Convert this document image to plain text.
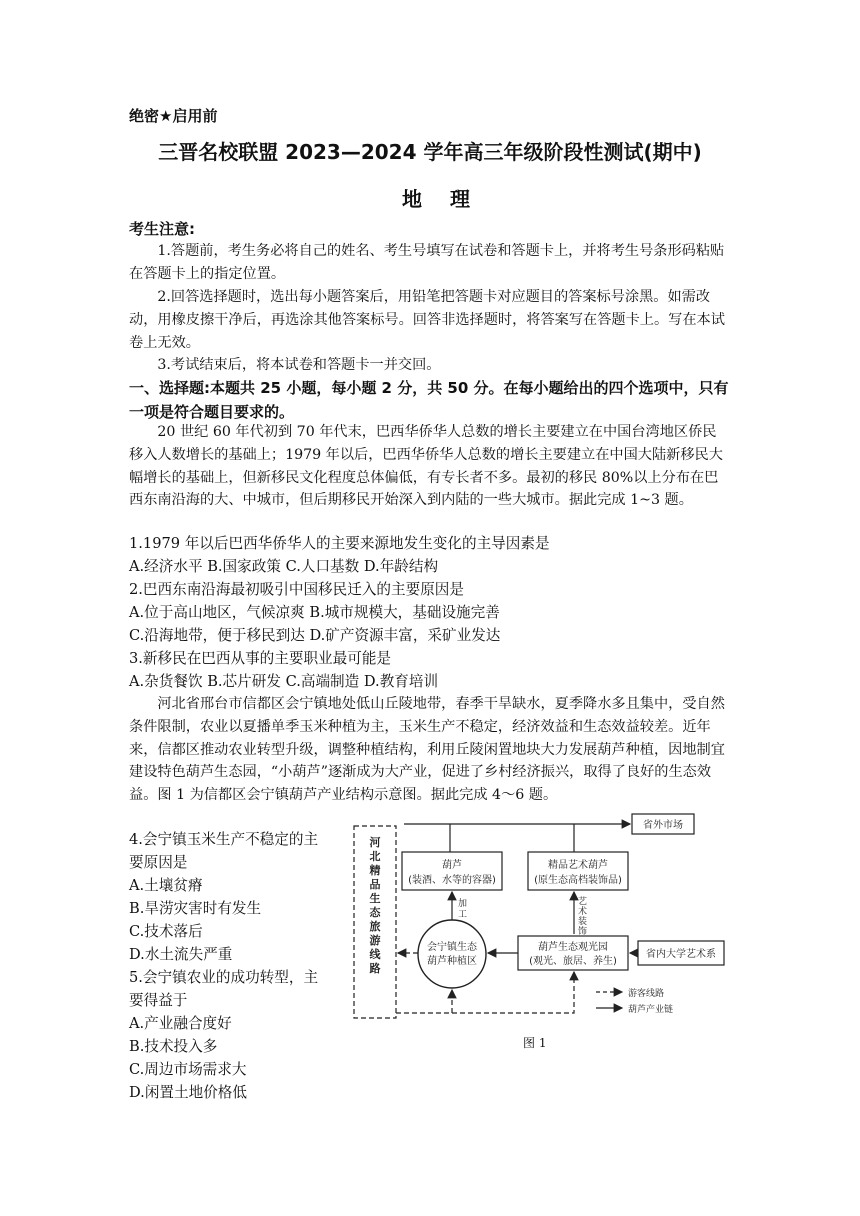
绝密★启用前
三晋名校联盟 2023—2024 学年高三年级阶段性测试(期中)
地理
考生注意:

1.答题前，考生务必将自己的姓名、考生号填写在试卷和答题卡上，并将考生号条形码粘贴在答题卡上的指定位置。

2.回答选择题时，选出每小题答案后，用铅笔把答题卡对应题目的答案标号涂黑。如需改动，用橡皮擦干净后，再选涂其他答案标号。回答非选择题时，将答案写在答题卡上。写在本试卷上无效。

3.考试结束后，将本试卷和答题卡一并交回。

一、选择题:本题共 25 小题，每小题 2 分，共 50 分。在每小题给出的四个选项中，只有一项是符合题目要求的。

20 世纪 60 年代初到 70 年代末，巴西华侨华人总数的增长主要建立在中国台湾地区侨民移入人数增长的基础上；1979 年以后，巴西华侨华人总数的增长主要建立在中国大陆新移民大幅增长的基础上，但新移民文化程度总体偏低，有专长者不多。最初的移民 80%以上分布在巴西东南沿海的大、中城市，但后期移民开始深入到内陆的一些大城市。据此完成 1~3 题。

1.1979 年以后巴西华侨华人的主要来源地发生变化的主导因素是
A.经济水平 B.国家政策 C.人口基数 D.年龄结构
2.巴西东南沿海最初吸引中国移民迁入的主要原因是
A.位于高山地区，气候凉爽 B.城市规模大，基础设施完善
C.沿海地带，便于移民到达 D.矿产资源丰富，采矿业发达
3.新移民在巴西从事的主要职业最可能是
A.杂货餐饮 B.芯片研发 C.高端制造 D.教育培训

河北省邢台市信都区会宁镇地处低山丘陵地带，春季干旱缺水，夏季降水多且集中，受自然条件限制，农业以夏播单季玉米种植为主，玉米生产不稳定，经济效益和生态效益较差。近年来，信都区推动农业转型升级，调整种植结构，利用丘陵闲置地块大力发展葫芦种植，因地制宜建设特色葫芦生态园，“小葫芦”逐渐成为大产业，促进了乡村经济振兴，取得了良好的生态效益。图 1 为信都区会宁镇葫芦产业结构示意图。据此完成 4～6 题。

4.会宁镇玉米生产不稳定的主
要原因是
A.土壤贫瘠
B.旱涝灾害时有发生
C.技术落后
D.水土流失严重
5.会宁镇农业的成功转型，主
要得益于
A.产业融合度好
B.技术投入多
C.周边市场需求大
D.闲置土地价格低
河
北
精
品
生
态
旅
游
线
路
省外市场
葫芦
(装酒、水等的容器)
精品艺术葫芦
(原生态高档装饰品)
会宁镇生态
葫芦种植区
加
工
葫芦生态观光园
(观光、旅居、养生)
艺
术
装
饰
省内大学艺术系
游客线路
葫芦产业链
图 1
